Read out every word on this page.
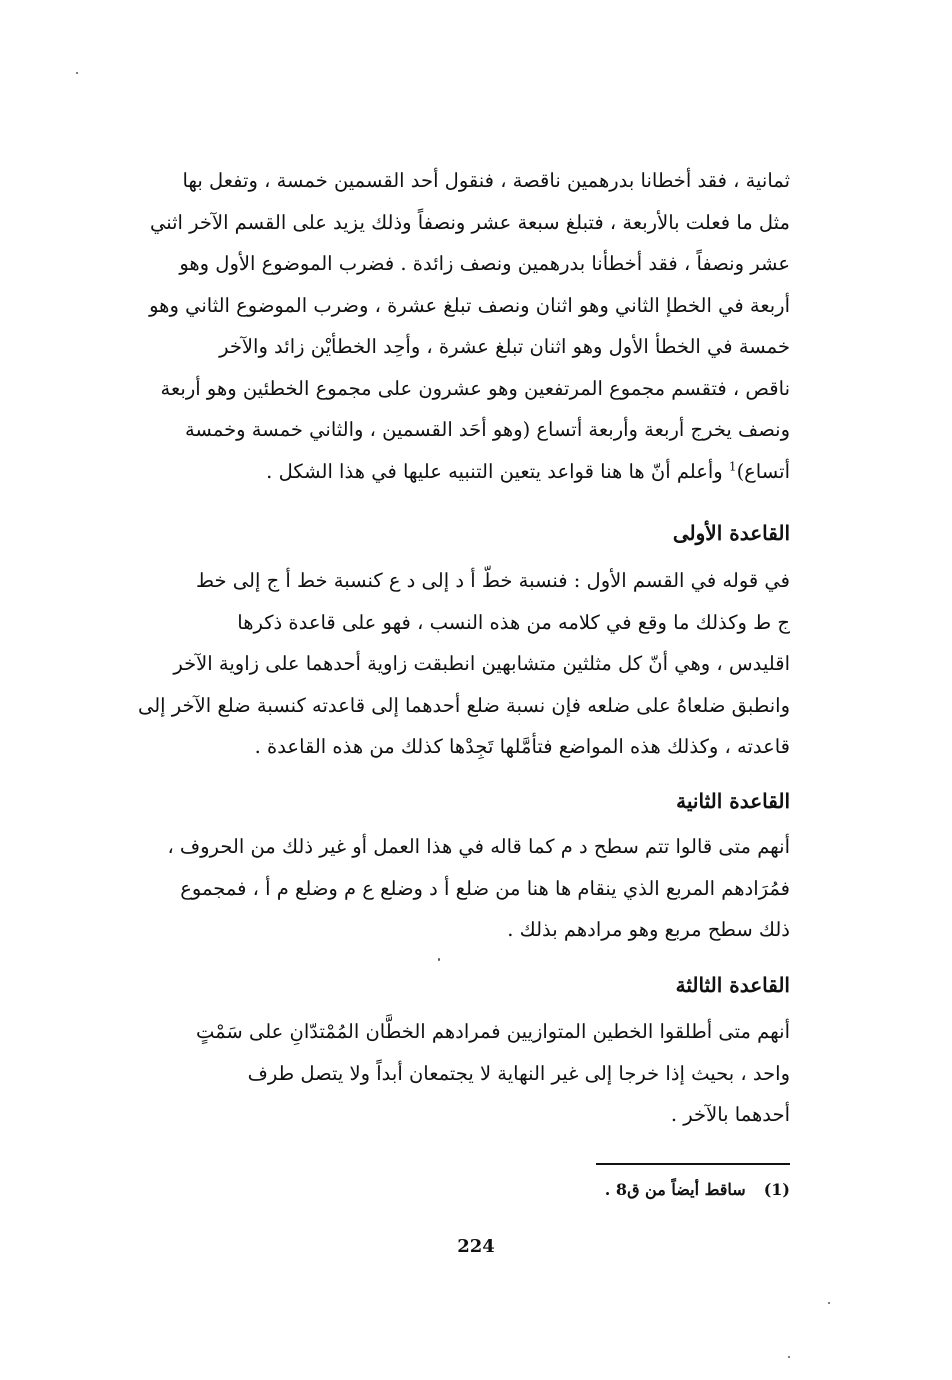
ثمانية ، فقد أخطانا بدرهمين ناقصة ، فنقول أحد القسمين خمسة ، وتفعل بها

مثل ما فعلت بالأربعة ، فتبلغ سبعة عشر ونصفاً وذلك يزيد على القسم الآخر اثني

عشر ونصفاً ، فقد أخطأنا بدرهمين ونصف زائدة . فضرب الموضوع الأول وهو

أربعة في الخطإ الثاني وهو اثنان ونصف تبلغ عشرة ، وضرب الموضوع الثاني وهو

خمسة في الخطأ الأول وهو اثنان تبلغ عشرة ، وأحِد الخطأيْن زائد والآخر

ناقص ، فتقسم مجموع المرتفعين وهو عشرون على مجموع الخطئين وهو أربعة

ونصف يخرج أربعة وأربعة أتساع (وهو أحَد القسمين ، والثاني خمسة وخمسة

أتساع)$^1$ وأعلم أنّ ها هنا قواعد يتعين التنبيه عليها في هذا الشكل .

القاعدة الأولى

في قوله في القسم الأول : فنسبة خطّ أ د إلى د ع كنسبة خط أ ج إلى خط

ج ط وكذلك ما وقع في كلامه من هذه النسب ، فهو على قاعدة ذكرها

اقليدس ، وهي أنّ كل مثلثين متشابهين انطبقت زاوية أحدهما على زاوية الآخر

وانطبق ضلعاهُ على ضلعه فإن نسبة ضلع أحدهما إلى قاعدته كنسبة ضلع الآخر إلى

قاعدته ، وكذلك هذه المواضع فتأمَّلها تَجِدْها كذلك من هذه القاعدة .

القاعدة الثانية

أنهم متى قالوا تتم سطح د م كما قاله في هذا العمل أو غير ذلك من الحروف ،

فمُرَادهم المربع الذي ينقام ها هنا من ضلع أ د وضلع ع م وضلع م أ ، فمجموع

ذلك سطح مربع وهو مرادهم بذلك .

القاعدة الثالثة

أنهم متى أطلقوا الخطين المتوازيين فمرادهم الخطَّان المُمْتدّانِ على سَمْتٍ

واحد ، بحيث إذا خرجا إلى غير النهاية لا يجتمعان أبداً ولا يتصل طرف

أحدهما بالآخر .

(1)ساقط أيضاً من ق8 .
224
